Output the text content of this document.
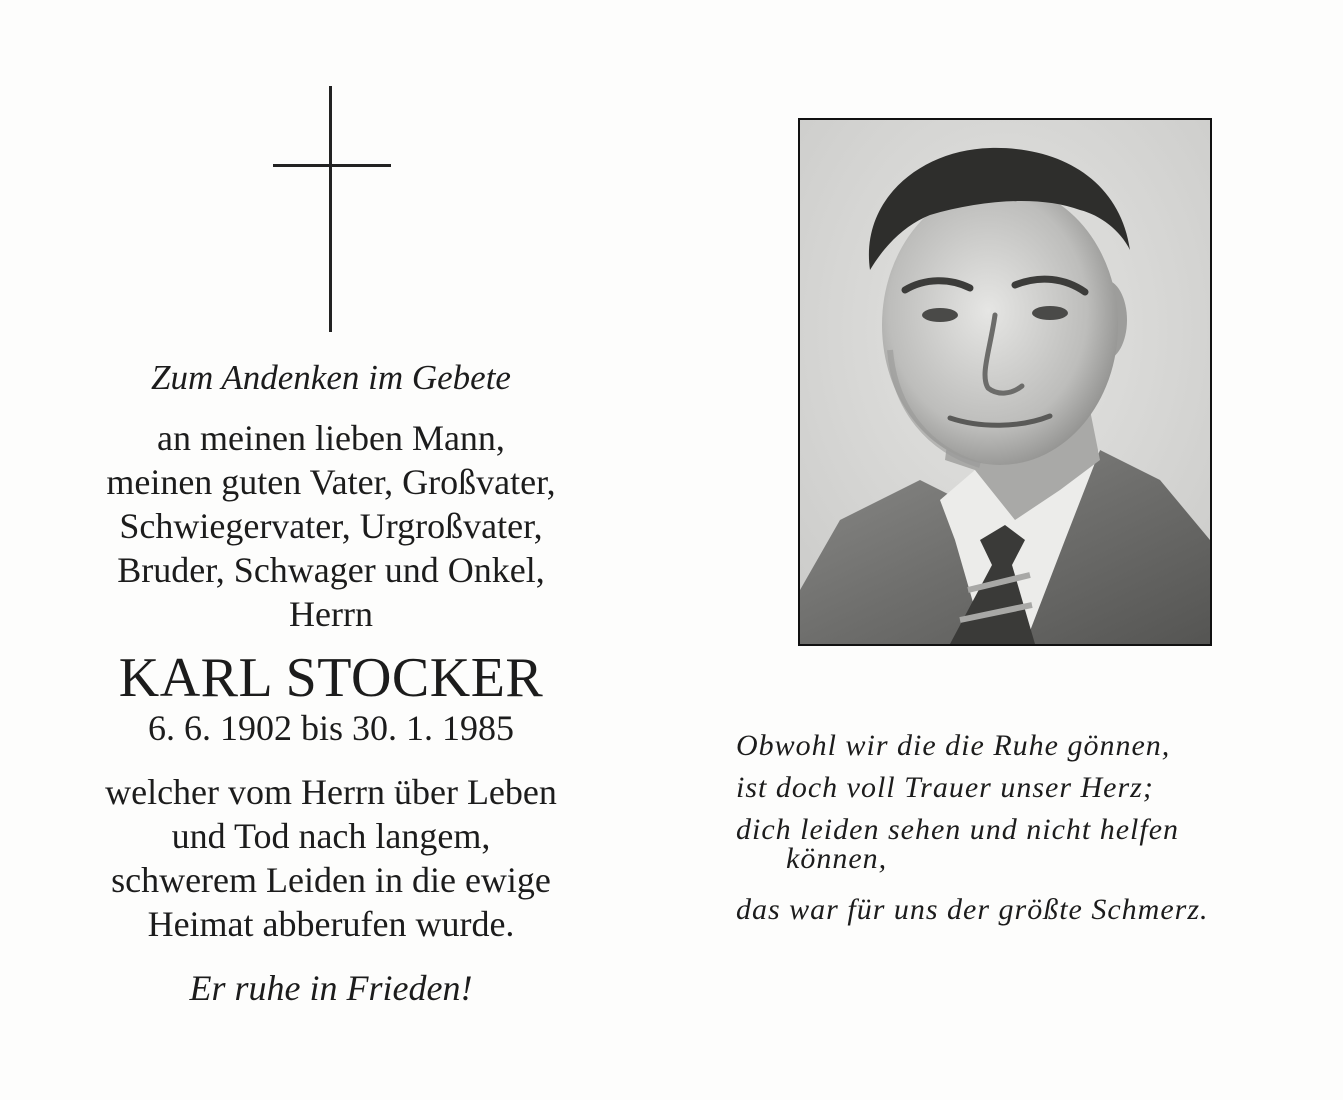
Zum Andenken im Gebete
an meinen lieben Mann,
meinen guten Vater, Großvater,
Schwiegervater, Urgroßvater,
Bruder, Schwager und Onkel,
Herrn
KARL STOCKER
6. 6. 1902 bis 30. 1. 1985
welcher vom Herrn über Leben
und Tod nach langem,
schwerem Leiden in die ewige
Heimat abberufen wurde.
Er ruhe in Frieden!
Obwohl wir die die Ruhe gönnen,
ist doch voll Trauer unser Herz;
dich leiden sehen und nicht helfen
können,
das war für uns der größte Schmerz.
